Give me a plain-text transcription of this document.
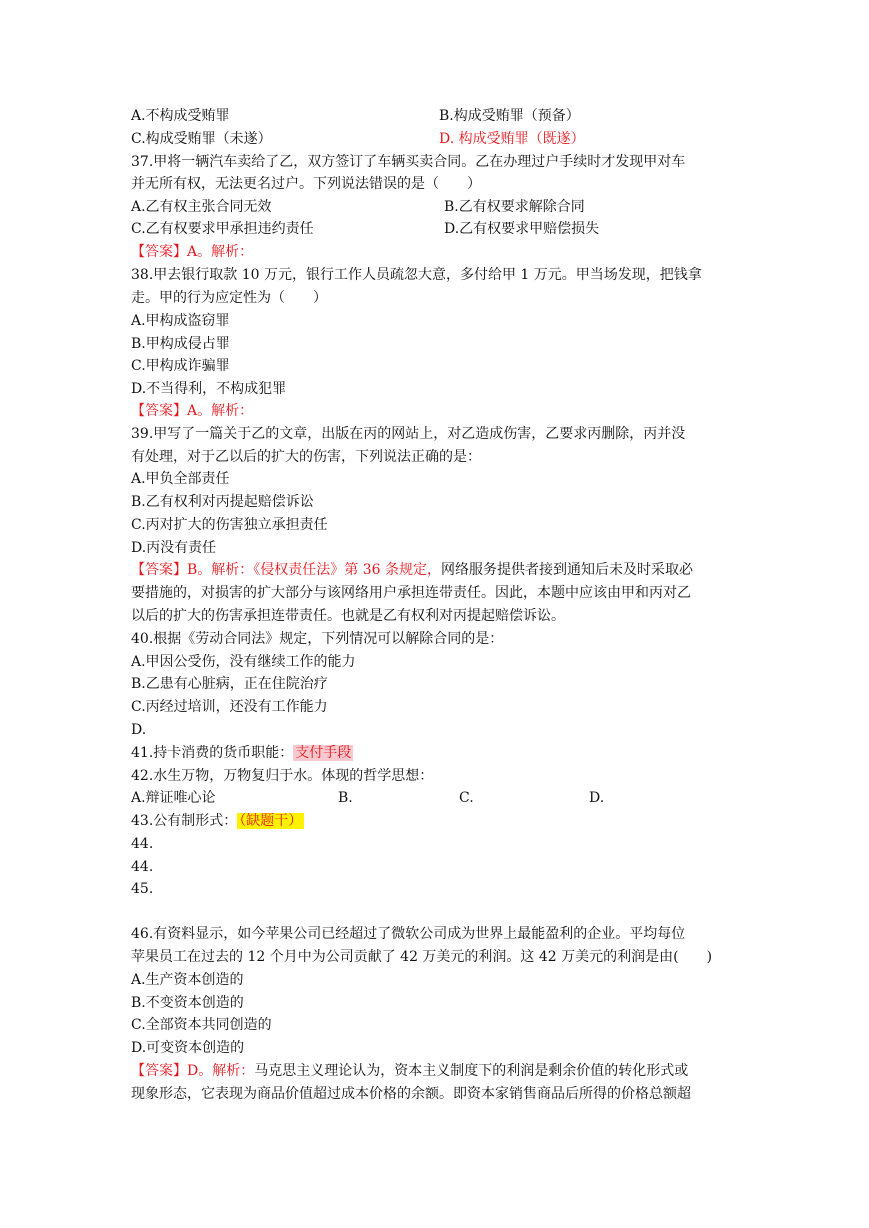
A.不构成受贿罪	B.构成受贿罪（预备）
C.构成受贿罪（未遂）	D. 构成受贿罪（既遂）
37.甲将一辆汽车卖给了乙，双方签订了车辆买卖合同。乙在办理过户手续时才发现甲对车
并无所有权，无法更名过户。下列说法错误的是（　　）
A.乙有权主张合同无效	B.乙有权要求解除合同
C.乙有权要求甲承担违约责任	D.乙有权要求甲赔偿损失
【答案】A。解析：
38.甲去银行取款 10 万元，银行工作人员疏忽大意，多付给甲 1 万元。甲当场发现，把钱拿
走。甲的行为应定性为（　　）
A.甲构成盗窃罪
B.甲构成侵占罪
C.甲构成诈骗罪
D.不当得利，不构成犯罪
【答案】A。解析：
39.甲写了一篇关于乙的文章，出版在丙的网站上，对乙造成伤害，乙要求丙删除，丙并没
有处理，对于乙以后的扩大的伤害，下列说法正确的是：
A.甲负全部责任
B.乙有权利对丙提起赔偿诉讼
C.丙对扩大的伤害独立承担责任
D.丙没有责任
【答案】B。解析：《侵权责任法》第 36 条规定，网络服务提供者接到通知后未及时采取必
要措施的，对损害的扩大部分与该网络用户承担连带责任。因此，本题中应该由甲和丙对乙
以后的扩大的伤害承担连带责任。也就是乙有权利对丙提起赔偿诉讼。
40.根据《劳动合同法》规定，下列情况可以解除合同的是：
A.甲因公受伤，没有继续工作的能力
B.乙患有心脏病，正在住院治疗
C.丙经过培训，还没有工作能力
D.
41.持卡消费的货币职能： 支付手段
42.水生万物，万物复归于水。体现的哲学思想：
A.辩证唯心论	B.	C.	D.
43.公有制形式： （缺题干）
44.
44.
45.
46.有资料显示，如今苹果公司已经超过了微软公司成为世界上最能盈利的企业。平均每位
苹果员工在过去的 12 个月中为公司贡献了 42 万美元的利润。这 42 万美元的利润是由(　　)
A.生产资本创造的
B.不变资本创造的
C.全部资本共同创造的
D.可变资本创造的
【答案】D。解析：马克思主义理论认为，资本主义制度下的利润是剩余价值的转化形式或
现象形态，它表现为商品价值超过成本价格的余额。即资本家销售商品后所得的价格总额超
